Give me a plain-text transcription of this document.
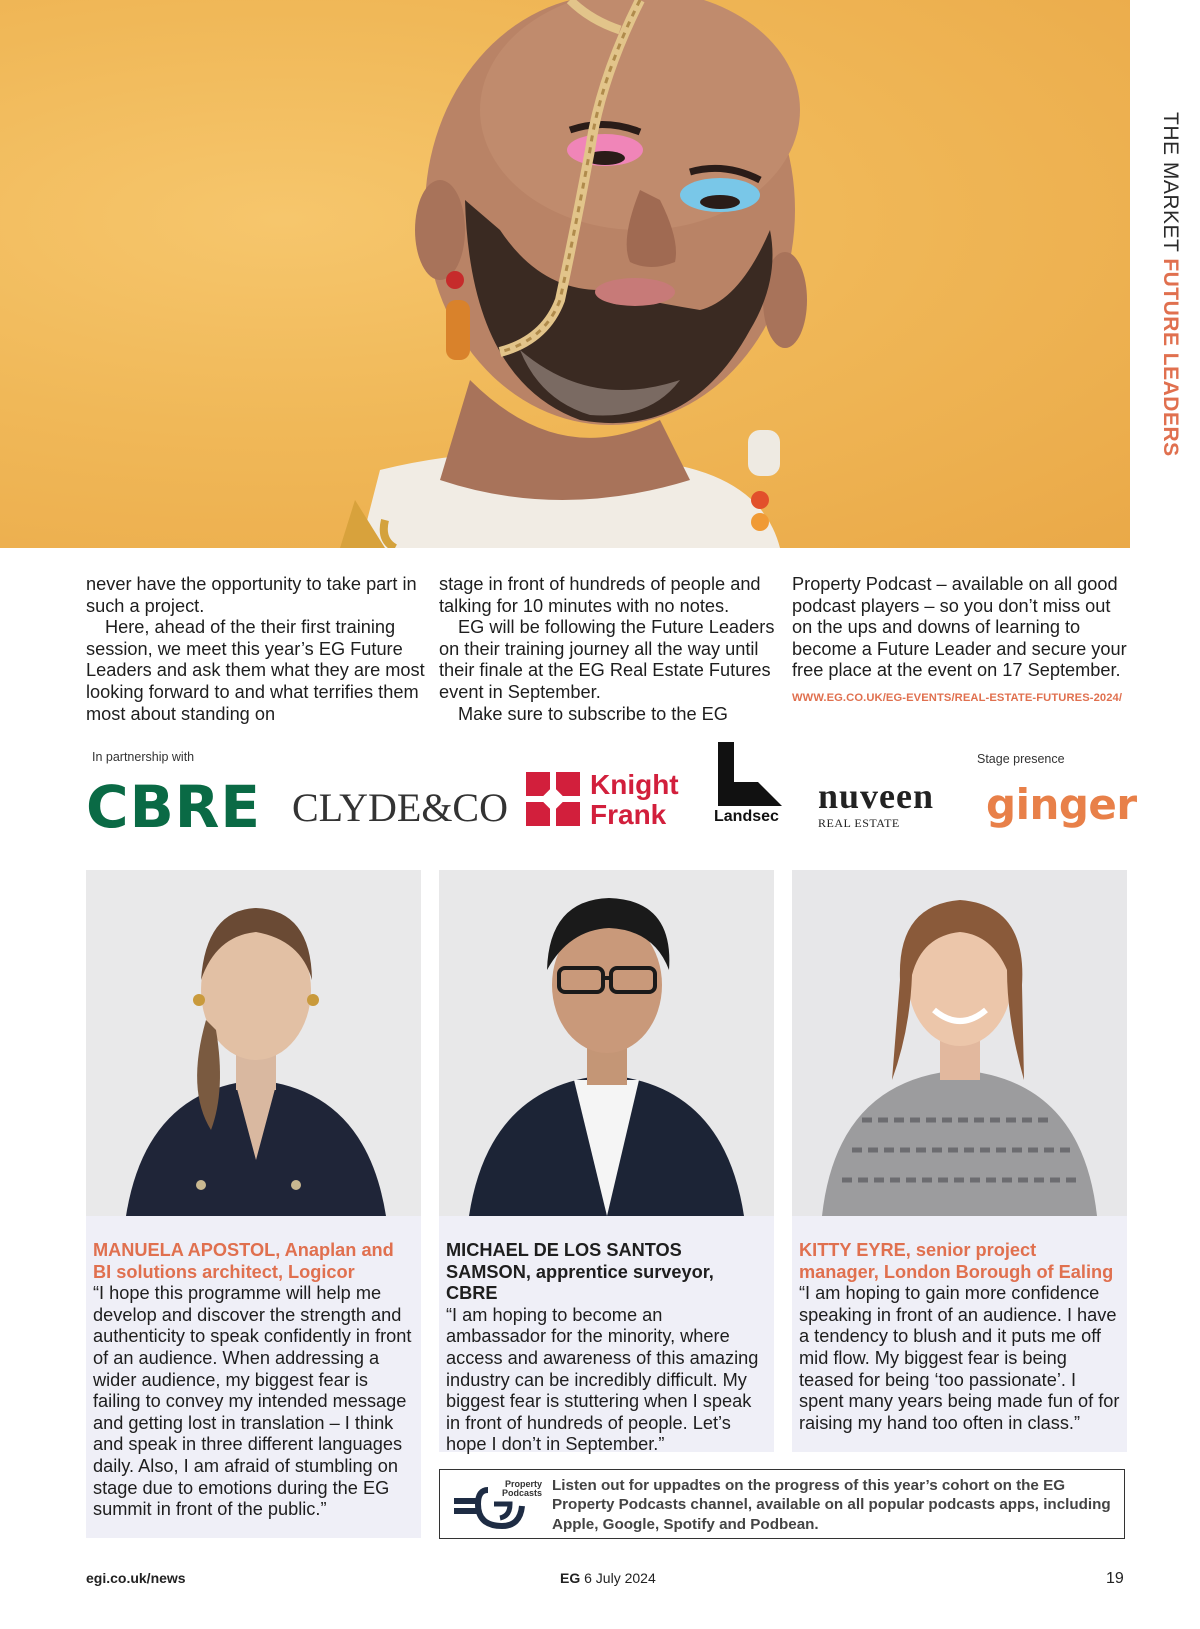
THE MARKET FUTURE LEADERS

never have the opportunity to take part in such a project.

Here, ahead of the their first training session, we meet this year’s EG Future Leaders and ask them what they are most looking forward to and what terrifies them most about standing on

stage in front of hundreds of people and talking for 10 minutes with no notes.

EG will be following the Future Leaders on their training journey all the way until their finale at the EG Real Estate Futures event in September.

Make sure to subscribe to the EG

Property Podcast – available on all good podcast players – so you don’t miss out on the ups and downs of learning to become a Future Leader and secure your free place at the event on 17 September.

WWW.EG.CO.UK/EG-EVENTS/REAL-ESTATE-FUTURES-2024/
In partnership with	Stage presence
CBRE CLYDE&CO
Knight
Frank	Landsec
nuveen
REAL ESTATE	ginger
MANUELA APOSTOL, Anaplan and BI solutions architect, Logicor
“I hope this programme will help me develop and discover the strength and authenticity to speak confidently in front of an audience. When addressing a wider audience, my biggest fear is failing to convey my intended message and getting lost in translation – I think and speak in three different languages daily. Also, I am afraid of stumbling on stage due to emotions during the EG summit in front of the public.”
MICHAEL DE LOS SANTOS SAMSON, apprentice surveyor, CBRE
“I am hoping to become an ambassador for the minority, where access and awareness of this amazing industry can be incredibly difficult. My biggest fear is stuttering when I speak in front of hundreds of people. Let’s hope I don’t in September.”
KITTY EYRE, senior project manager, London Borough of Ealing
“I am hoping to gain more confidence speaking in front of an audience. I have a tendency to blush and it puts me off mid flow. My biggest fear is being teased for being ‘too passionate’. I spent many years being made fun of for raising my hand too often in class.”
Property
Podcasts Listen out for uppadtes on the progress of this year’s cohort on the EG Property Podcasts channel, available on all popular podcasts apps, including Apple, Google, Spotify and Podbean.
egi.co.uk/news	EG 6 July 2024	19
